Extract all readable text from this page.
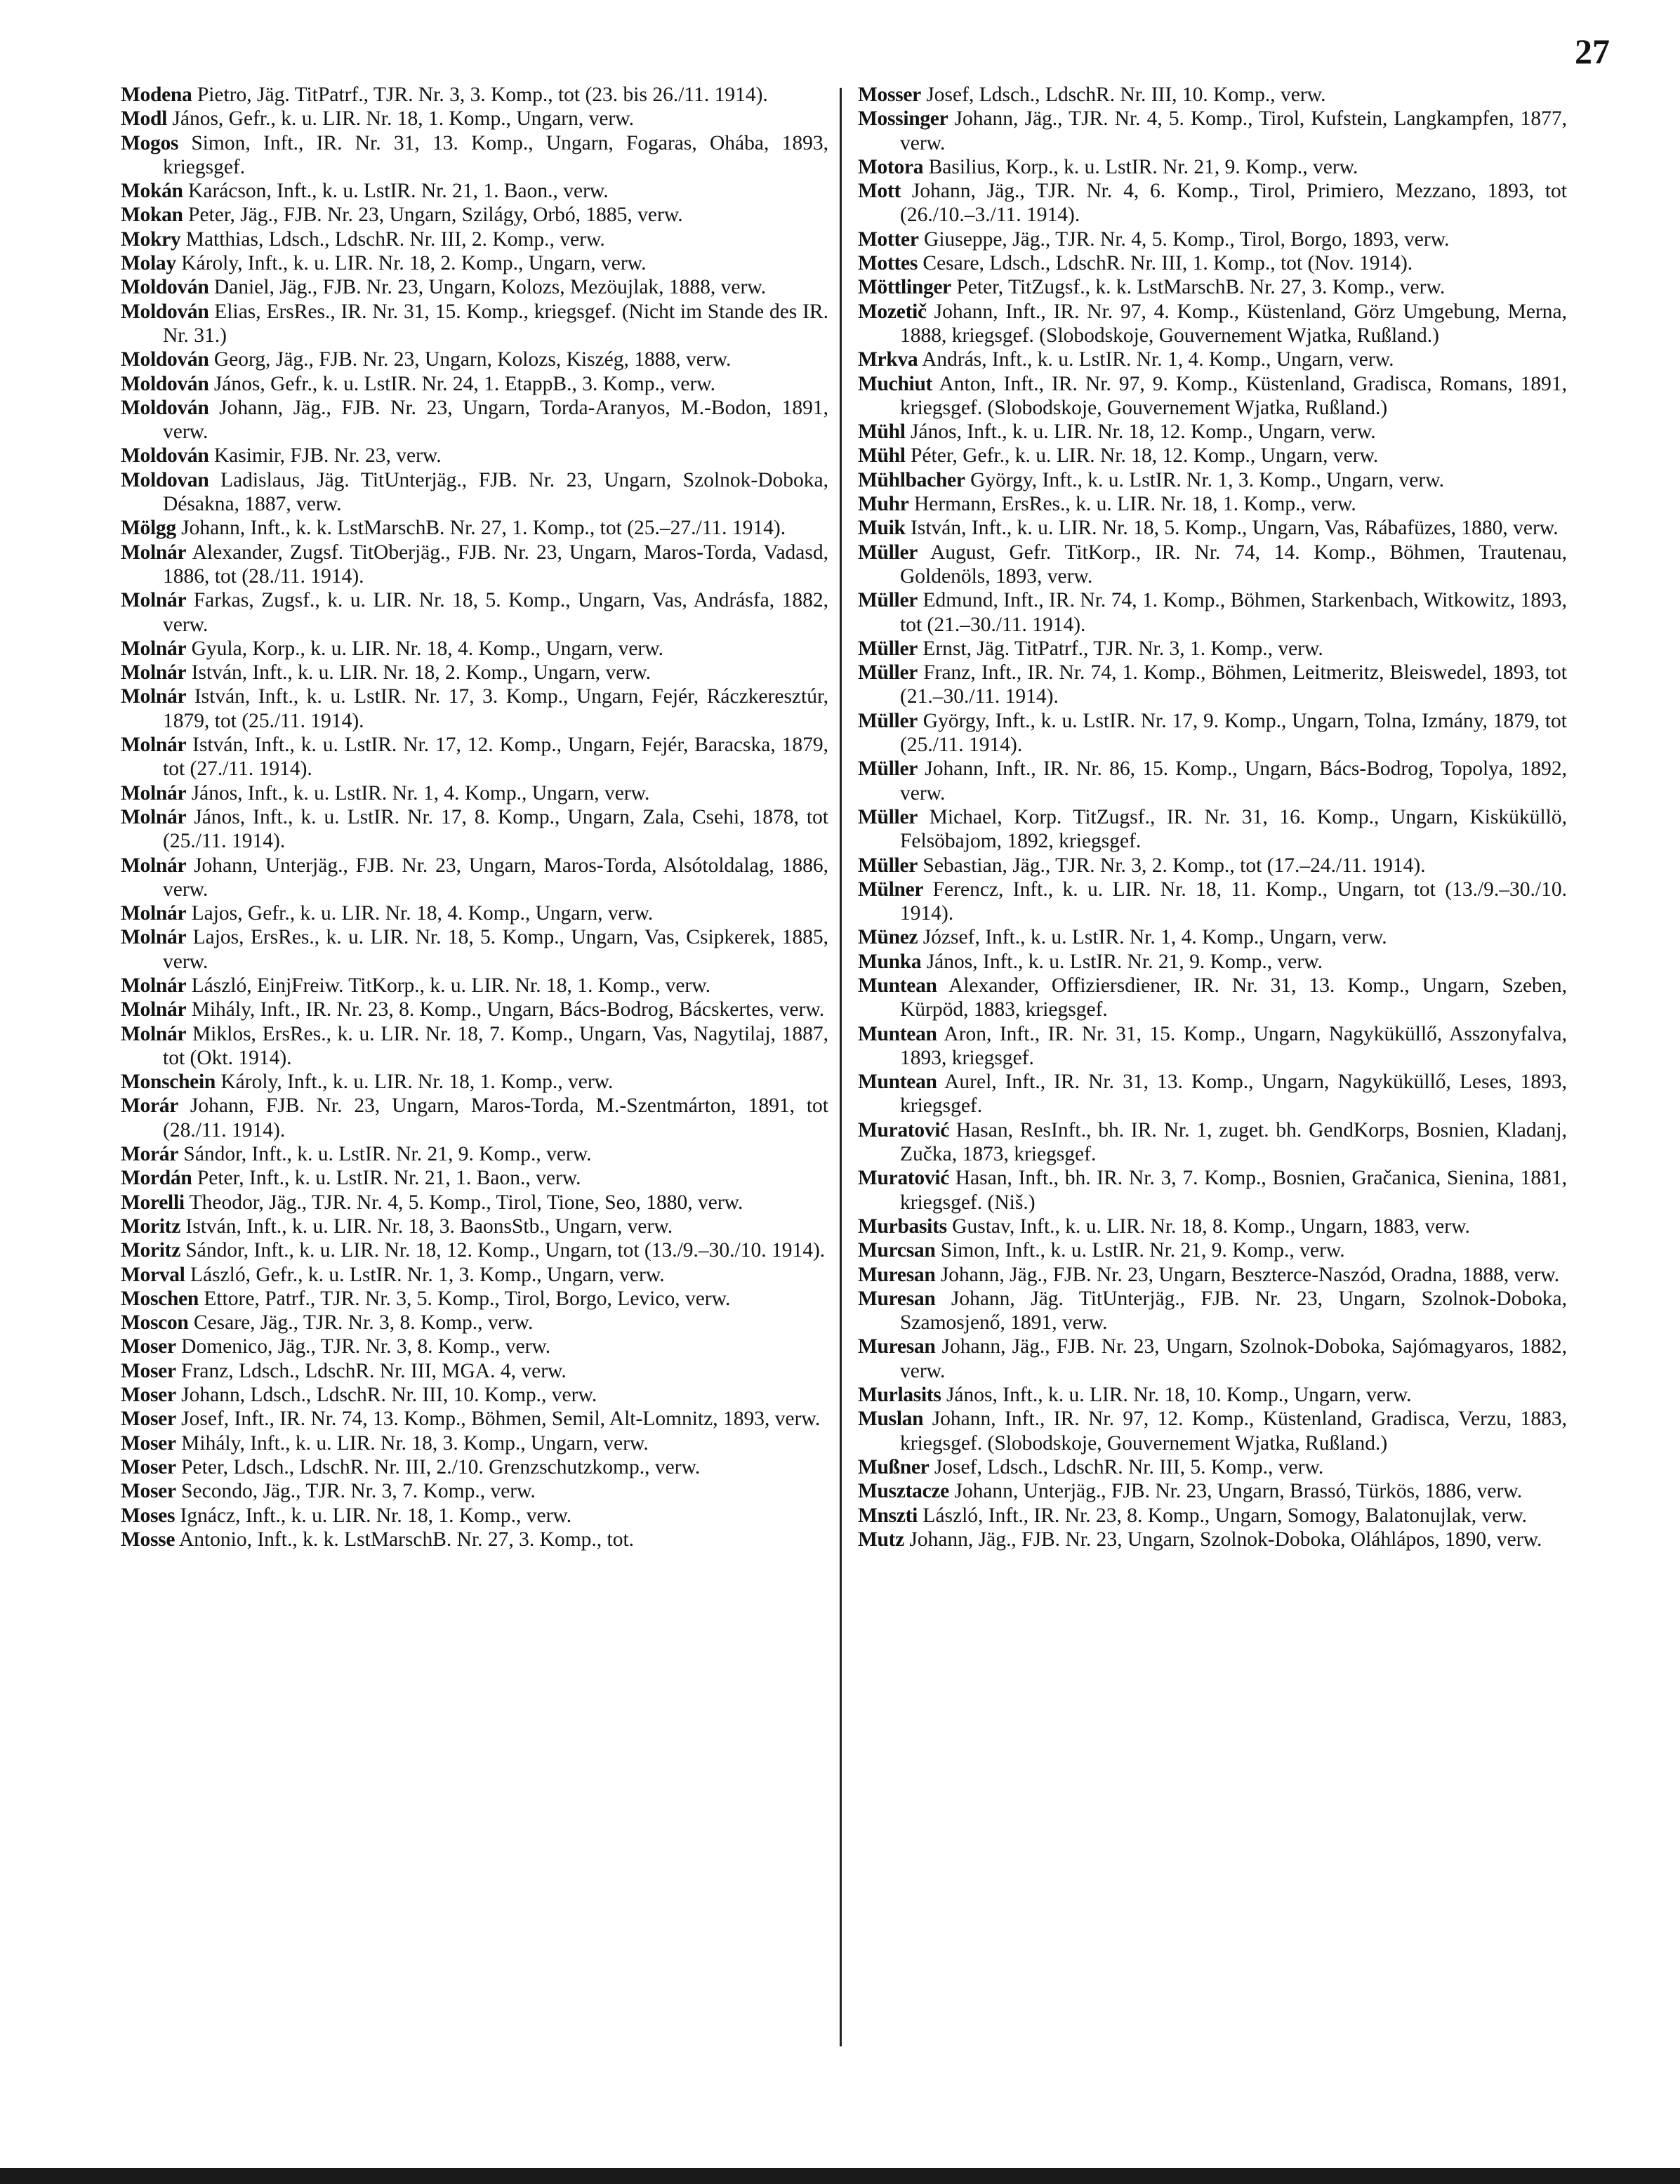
27

Modena Pietro, Jäg. TitPatrf., TJR. Nr. 3, 3. Komp., tot (23. bis 26./11. 1914).

Modl János, Gefr., k. u. LIR. Nr. 18, 1. Komp., Ungarn, verw.

Mogos Simon, Inft., IR. Nr. 31, 13. Komp., Ungarn, Fogaras, Ohába, 1893, kriegsgef.

Mokán Karácson, Inft., k. u. LstIR. Nr. 21, 1. Baon., verw.

Mokan Peter, Jäg., FJB. Nr. 23, Ungarn, Szilágy, Orbó, 1885, verw.

Mokry Matthias, Ldsch., LdschR. Nr. III, 2. Komp., verw.

Molay Károly, Inft., k. u. LIR. Nr. 18, 2. Komp., Ungarn, verw.

Moldován Daniel, Jäg., FJB. Nr. 23, Ungarn, Kolozs, Mezöujlak, 1888, verw.

Moldován Elias, ErsRes., IR. Nr. 31, 15. Komp., kriegsgef. (Nicht im Stande des IR. Nr. 31.)

Moldován Georg, Jäg., FJB. Nr. 23, Ungarn, Kolozs, Kiszég, 1888, verw.

Moldován János, Gefr., k. u. LstIR. Nr. 24, 1. EtappB., 3. Komp., verw.

Moldován Johann, Jäg., FJB. Nr. 23, Ungarn, Torda-Aranyos, M.-Bodon, 1891, verw.

Moldován Kasimir, FJB. Nr. 23, verw.

Moldovan Ladislaus, Jäg. TitUnterjäg., FJB. Nr. 23, Ungarn, Szolnok-Doboka, Désakna, 1887, verw.

Mölgg Johann, Inft., k. k. LstMarschB. Nr. 27, 1. Komp., tot (25.–27./11. 1914).

Molnár Alexander, Zugsf. TitOberjäg., FJB. Nr. 23, Ungarn, Maros-Torda, Vadasd, 1886, tot (28./11. 1914).

Molnár Farkas, Zugsf., k. u. LIR. Nr. 18, 5. Komp., Ungarn, Vas, Andrásfa, 1882, verw.

Molnár Gyula, Korp., k. u. LIR. Nr. 18, 4. Komp., Ungarn, verw.

Molnár István, Inft., k. u. LIR. Nr. 18, 2. Komp., Ungarn, verw.

Molnár István, Inft., k. u. LstIR. Nr. 17, 3. Komp., Ungarn, Fejér, Ráczkeresztúr, 1879, tot (25./11. 1914).

Molnár István, Inft., k. u. LstIR. Nr. 17, 12. Komp., Ungarn, Fejér, Baracska, 1879, tot (27./11. 1914).

Molnár János, Inft., k. u. LstIR. Nr. 1, 4. Komp., Ungarn, verw.

Molnár János, Inft., k. u. LstIR. Nr. 17, 8. Komp., Ungarn, Zala, Csehi, 1878, tot (25./11. 1914).

Molnár Johann, Unterjäg., FJB. Nr. 23, Ungarn, Maros-Torda, Alsótoldalag, 1886, verw.

Molnár Lajos, Gefr., k. u. LIR. Nr. 18, 4. Komp., Ungarn, verw.

Molnár Lajos, ErsRes., k. u. LIR. Nr. 18, 5. Komp., Ungarn, Vas, Csipkerek, 1885, verw.

Molnár László, EinjFreiw. TitKorp., k. u. LIR. Nr. 18, 1. Komp., verw.

Molnár Mihály, Inft., IR. Nr. 23, 8. Komp., Ungarn, Bács-Bodrog, Bácskertes, verw.

Molnár Miklos, ErsRes., k. u. LIR. Nr. 18, 7. Komp., Ungarn, Vas, Nagytilaj, 1887, tot (Okt. 1914).

Monschein Károly, Inft., k. u. LIR. Nr. 18, 1. Komp., verw.

Morár Johann, FJB. Nr. 23, Ungarn, Maros-Torda, M.-Szentmárton, 1891, tot (28./11. 1914).

Morár Sándor, Inft., k. u. LstIR. Nr. 21, 9. Komp., verw.

Mordán Peter, Inft., k. u. LstIR. Nr. 21, 1. Baon., verw.

Morelli Theodor, Jäg., TJR. Nr. 4, 5. Komp., Tirol, Tione, Seo, 1880, verw.

Moritz István, Inft., k. u. LIR. Nr. 18, 3. BaonsStb., Ungarn, verw.

Moritz Sándor, Inft., k. u. LIR. Nr. 18, 12. Komp., Ungarn, tot (13./9.–30./10. 1914).

Morval László, Gefr., k. u. LstIR. Nr. 1, 3. Komp., Ungarn, verw.

Moschen Ettore, Patrf., TJR. Nr. 3, 5. Komp., Tirol, Borgo, Levico, verw.

Moscon Cesare, Jäg., TJR. Nr. 3, 8. Komp., verw.

Moser Domenico, Jäg., TJR. Nr. 3, 8. Komp., verw.

Moser Franz, Ldsch., LdschR. Nr. III, MGA. 4, verw.

Moser Johann, Ldsch., LdschR. Nr. III, 10. Komp., verw.

Moser Josef, Inft., IR. Nr. 74, 13. Komp., Böhmen, Semil, Alt-Lomnitz, 1893, verw.

Moser Mihály, Inft., k. u. LIR. Nr. 18, 3. Komp., Ungarn, verw.

Moser Peter, Ldsch., LdschR. Nr. III, 2./10. Grenzschutzkomp., verw.

Moser Secondo, Jäg., TJR. Nr. 3, 7. Komp., verw.

Moses Ignácz, Inft., k. u. LIR. Nr. 18, 1. Komp., verw.

Mosse Antonio, Inft., k. k. LstMarschB. Nr. 27, 3. Komp., tot.

Mosser Josef, Ldsch., LdschR. Nr. III, 10. Komp., verw.

Mossinger Johann, Jäg., TJR. Nr. 4, 5. Komp., Tirol, Kufstein, Langkampfen, 1877, verw.

Motora Basilius, Korp., k. u. LstIR. Nr. 21, 9. Komp., verw.

Mott Johann, Jäg., TJR. Nr. 4, 6. Komp., Tirol, Primiero, Mezzano, 1893, tot (26./10.–3./11. 1914).

Motter Giuseppe, Jäg., TJR. Nr. 4, 5. Komp., Tirol, Borgo, 1893, verw.

Mottes Cesare, Ldsch., LdschR. Nr. III, 1. Komp., tot (Nov. 1914).

Möttlinger Peter, TitZugsf., k. k. LstMarschB. Nr. 27, 3. Komp., verw.

Mozetič Johann, Inft., IR. Nr. 97, 4. Komp., Küstenland, Görz Umgebung, Merna, 1888, kriegsgef. (Slobodskoje, Gouvernement Wjatka, Rußland.)

Mrkva András, Inft., k. u. LstIR. Nr. 1, 4. Komp., Ungarn, verw.

Muchiut Anton, Inft., IR. Nr. 97, 9. Komp., Küstenland, Gradisca, Romans, 1891, kriegsgef. (Slobodskoje, Gouvernement Wjatka, Rußland.)

Mühl János, Inft., k. u. LIR. Nr. 18, 12. Komp., Ungarn, verw.

Mühl Péter, Gefr., k. u. LIR. Nr. 18, 12. Komp., Ungarn, verw.

Mühlbacher György, Inft., k. u. LstIR. Nr. 1, 3. Komp., Ungarn, verw.

Muhr Hermann, ErsRes., k. u. LIR. Nr. 18, 1. Komp., verw.

Muik István, Inft., k. u. LIR. Nr. 18, 5. Komp., Ungarn, Vas, Rábafüzes, 1880, verw.

Müller August, Gefr. TitKorp., IR. Nr. 74, 14. Komp., Böhmen, Trautenau, Goldenöls, 1893, verw.

Müller Edmund, Inft., IR. Nr. 74, 1. Komp., Böhmen, Starkenbach, Witkowitz, 1893, tot (21.–30./11. 1914).

Müller Ernst, Jäg. TitPatrf., TJR. Nr. 3, 1. Komp., verw.

Müller Franz, Inft., IR. Nr. 74, 1. Komp., Böhmen, Leitmeritz, Bleiswedel, 1893, tot (21.–30./11. 1914).

Müller György, Inft., k. u. LstIR. Nr. 17, 9. Komp., Ungarn, Tolna, Izmány, 1879, tot (25./11. 1914).

Müller Johann, Inft., IR. Nr. 86, 15. Komp., Ungarn, Bács-Bodrog, Topolya, 1892, verw.

Müller Michael, Korp. TitZugsf., IR. Nr. 31, 16. Komp., Ungarn, Kisküküllö, Felsöbajom, 1892, kriegsgef.

Müller Sebastian, Jäg., TJR. Nr. 3, 2. Komp., tot (17.–24./11. 1914).

Mülner Ferencz, Inft., k. u. LIR. Nr. 18, 11. Komp., Ungarn, tot (13./9.–30./10. 1914).

Münez József, Inft., k. u. LstIR. Nr. 1, 4. Komp., Ungarn, verw.

Munka János, Inft., k. u. LstIR. Nr. 21, 9. Komp., verw.

Muntean Alexander, Offiziersdiener, IR. Nr. 31, 13. Komp., Ungarn, Szeben, Kürpöd, 1883, kriegsgef.

Muntean Aron, Inft., IR. Nr. 31, 15. Komp., Ungarn, Nagyküküllő, Asszonyfalva, 1893, kriegsgef.

Muntean Aurel, Inft., IR. Nr. 31, 13. Komp., Ungarn, Nagyküküllő, Leses, 1893, kriegsgef.

Muratović Hasan, ResInft., bh. IR. Nr. 1, zuget. bh. GendKorps, Bosnien, Kladanj, Zučka, 1873, kriegsgef.

Muratović Hasan, Inft., bh. IR. Nr. 3, 7. Komp., Bosnien, Gračanica, Sienina, 1881, kriegsgef. (Niš.)

Murbasits Gustav, Inft., k. u. LIR. Nr. 18, 8. Komp., Ungarn, 1883, verw.

Murcsan Simon, Inft., k. u. LstIR. Nr. 21, 9. Komp., verw.

Muresan Johann, Jäg., FJB. Nr. 23, Ungarn, Beszterce-Naszód, Oradna, 1888, verw.

Muresan Johann, Jäg. TitUnterjäg., FJB. Nr. 23, Ungarn, Szolnok-Doboka, Szamosjenő, 1891, verw.

Muresan Johann, Jäg., FJB. Nr. 23, Ungarn, Szolnok-Doboka, Sajómagyaros, 1882, verw.

Murlasits János, Inft., k. u. LIR. Nr. 18, 10. Komp., Ungarn, verw.

Muslan Johann, Inft., IR. Nr. 97, 12. Komp., Küstenland, Gradisca, Verzu, 1883, kriegsgef. (Slobodskoje, Gouvernement Wjatka, Rußland.)

Mußner Josef, Ldsch., LdschR. Nr. III, 5. Komp., verw.

Musztacze Johann, Unterjäg., FJB. Nr. 23, Ungarn, Brassó, Türkös, 1886, verw.

Mnszti László, Inft., IR. Nr. 23, 8. Komp., Ungarn, Somogy, Balatonujlak, verw.

Mutz Johann, Jäg., FJB. Nr. 23, Ungarn, Szolnok-Doboka, Oláhlápos, 1890, verw.
